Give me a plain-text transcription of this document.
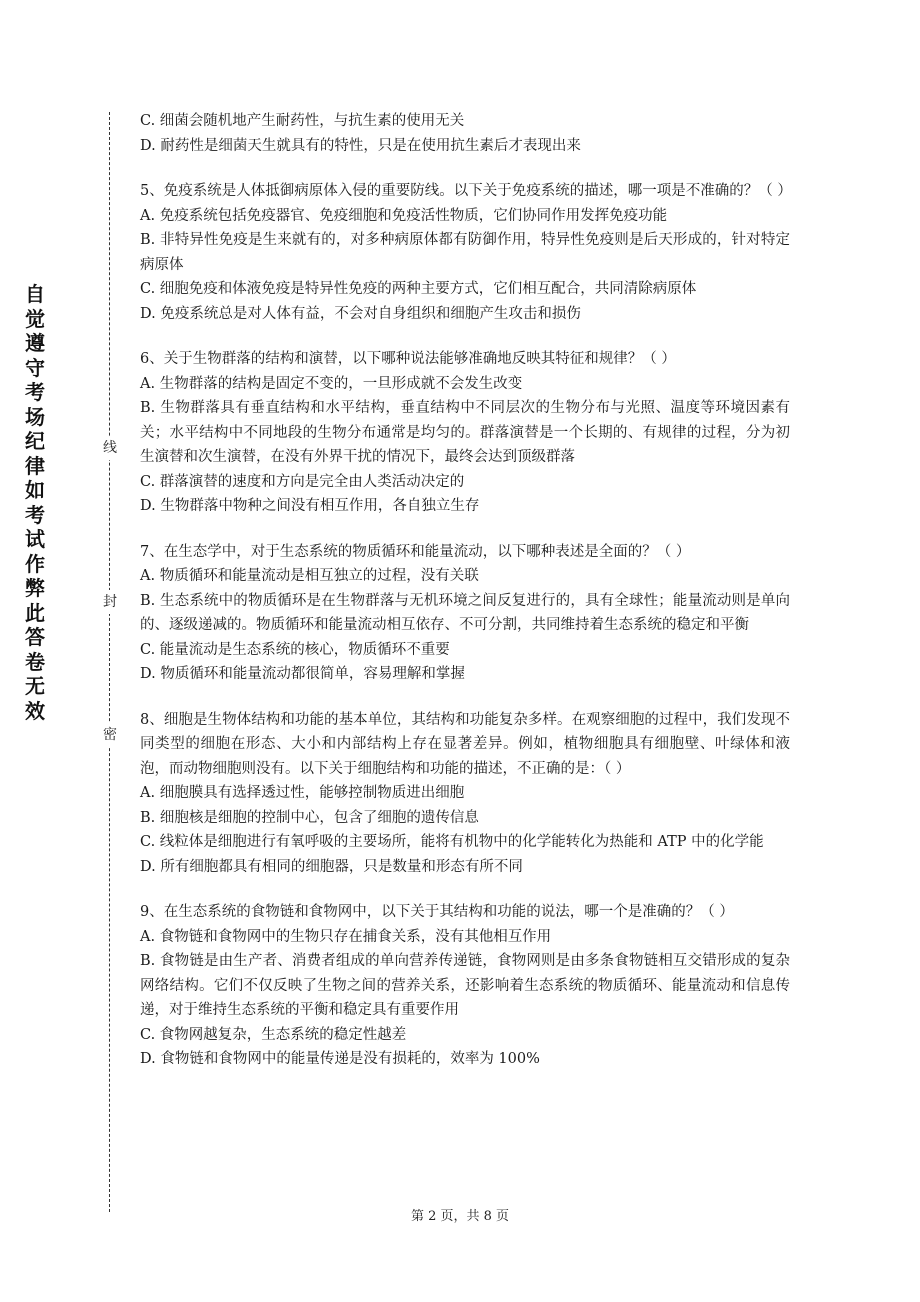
自觉遵守考场纪律如考试作弊此答卷无效
线
封
密

C. 细菌会随机地产生耐药性，与抗生素的使用无关

D. 耐药性是细菌天生就具有的特性，只是在使用抗生素后才表现出来

5、免疫系统是人体抵御病原体入侵的重要防线。以下关于免疫系统的描述，哪一项是不准确的？（ ）

A. 免疫系统包括免疫器官、免疫细胞和免疫活性物质，它们协同作用发挥免疫功能

B. 非特异性免疫是生来就有的，对多种病原体都有防御作用，特异性免疫则是后天形成的，针对特定病原体

C. 细胞免疫和体液免疫是特异性免疫的两种主要方式，它们相互配合，共同清除病原体

D. 免疫系统总是对人体有益，不会对自身组织和细胞产生攻击和损伤

6、关于生物群落的结构和演替，以下哪种说法能够准确地反映其特征和规律？（ ）

A. 生物群落的结构是固定不变的，一旦形成就不会发生改变

B. 生物群落具有垂直结构和水平结构，垂直结构中不同层次的生物分布与光照、温度等环境因素有关；水平结构中不同地段的生物分布通常是均匀的。群落演替是一个长期的、有规律的过程，分为初生演替和次生演替，在没有外界干扰的情况下，最终会达到顶级群落

C. 群落演替的速度和方向是完全由人类活动决定的

D. 生物群落中物种之间没有相互作用，各自独立生存

7、在生态学中，对于生态系统的物质循环和能量流动，以下哪种表述是全面的？（ ）

A. 物质循环和能量流动是相互独立的过程，没有关联

B. 生态系统中的物质循环是在生物群落与无机环境之间反复进行的，具有全球性；能量流动则是单向的、逐级递减的。物质循环和能量流动相互依存、不可分割，共同维持着生态系统的稳定和平衡

C. 能量流动是生态系统的核心，物质循环不重要

D. 物质循环和能量流动都很简单，容易理解和掌握

8、细胞是生物体结构和功能的基本单位，其结构和功能复杂多样。在观察细胞的过程中，我们发现不同类型的细胞在形态、大小和内部结构上存在显著差异。例如，植物细胞具有细胞壁、叶绿体和液泡，而动物细胞则没有。以下关于细胞结构和功能的描述，不正确的是：（ ）

A. 细胞膜具有选择透过性，能够控制物质进出细胞

B. 细胞核是细胞的控制中心，包含了细胞的遗传信息

C. 线粒体是细胞进行有氧呼吸的主要场所，能将有机物中的化学能转化为热能和 ATP 中的化学能

D. 所有细胞都具有相同的细胞器，只是数量和形态有所不同

9、在生态系统的食物链和食物网中，以下关于其结构和功能的说法，哪一个是准确的？（ ）

A. 食物链和食物网中的生物只存在捕食关系，没有其他相互作用

B. 食物链是由生产者、消费者组成的单向营养传递链，食物网则是由多条食物链相互交错形成的复杂网络结构。它们不仅反映了生物之间的营养关系，还影响着生态系统的物质循环、能量流动和信息传递，对于维持生态系统的平衡和稳定具有重要作用

C. 食物网越复杂，生态系统的稳定性越差

D. 食物链和食物网中的能量传递是没有损耗的，效率为 100%

第 2 页，共 8 页
